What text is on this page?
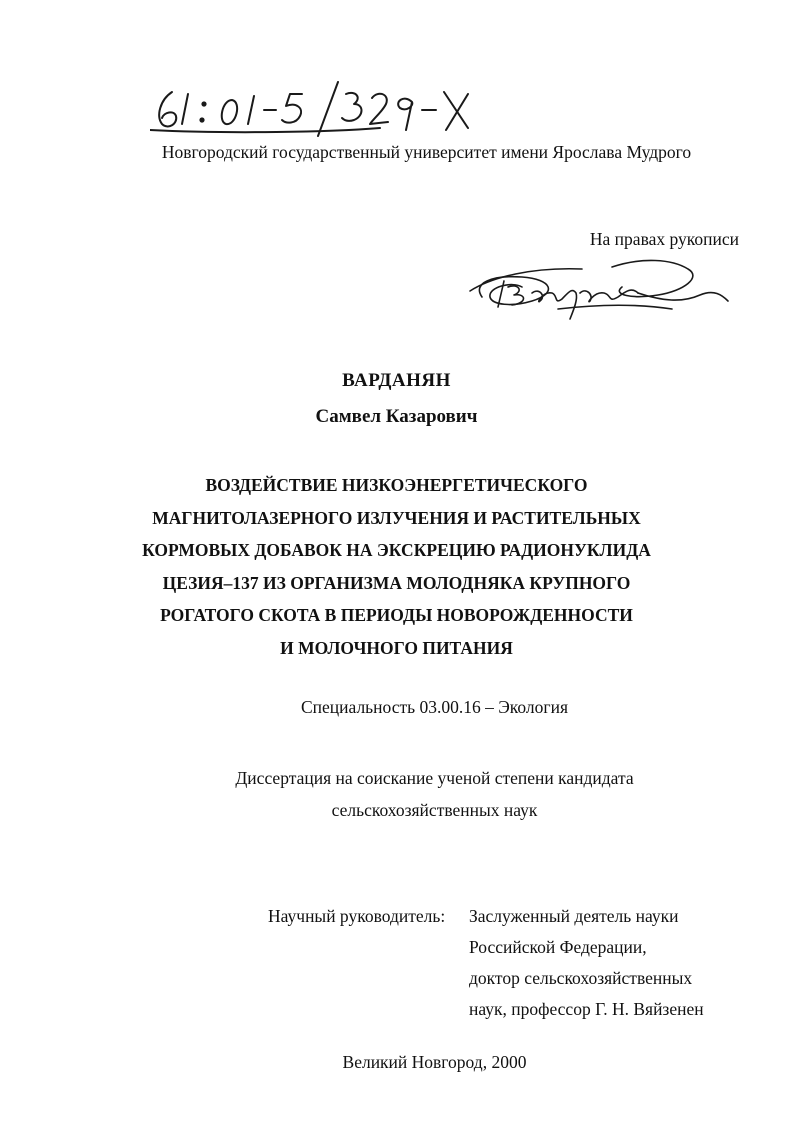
Новгородский государственный университет имени Ярослава Мудрого
На правах рукописи
ВАРДАНЯН
Самвел Казарович
ВОЗДЕЙСТВИЕ НИЗКОЭНЕРГЕТИЧЕСКОГО
МАГНИТОЛАЗЕРНОГО ИЗЛУЧЕНИЯ И РАСТИТЕЛЬНЫХ
КОРМОВЫХ ДОБАВОК НА ЭКСКРЕЦИЮ РАДИОНУКЛИДА
ЦЕЗИЯ–137 ИЗ ОРГАНИЗМА МОЛОДНЯКА КРУПНОГО
РОГАТОГО СКОТА В ПЕРИОДЫ НОВОРОЖДЕННОСТИ
И МОЛОЧНОГО ПИТАНИЯ
Специальность 03.00.16 – Экология
Диссертация на соискание ученой степени кандидата
сельскохозяйственных наук
Научный руководитель: Заслуженный деятель науки
Российской Федерации,
доктор сельскохозяйственных
наук, профессор Г. Н. Вяйзенен
Великий Новгород, 2000
